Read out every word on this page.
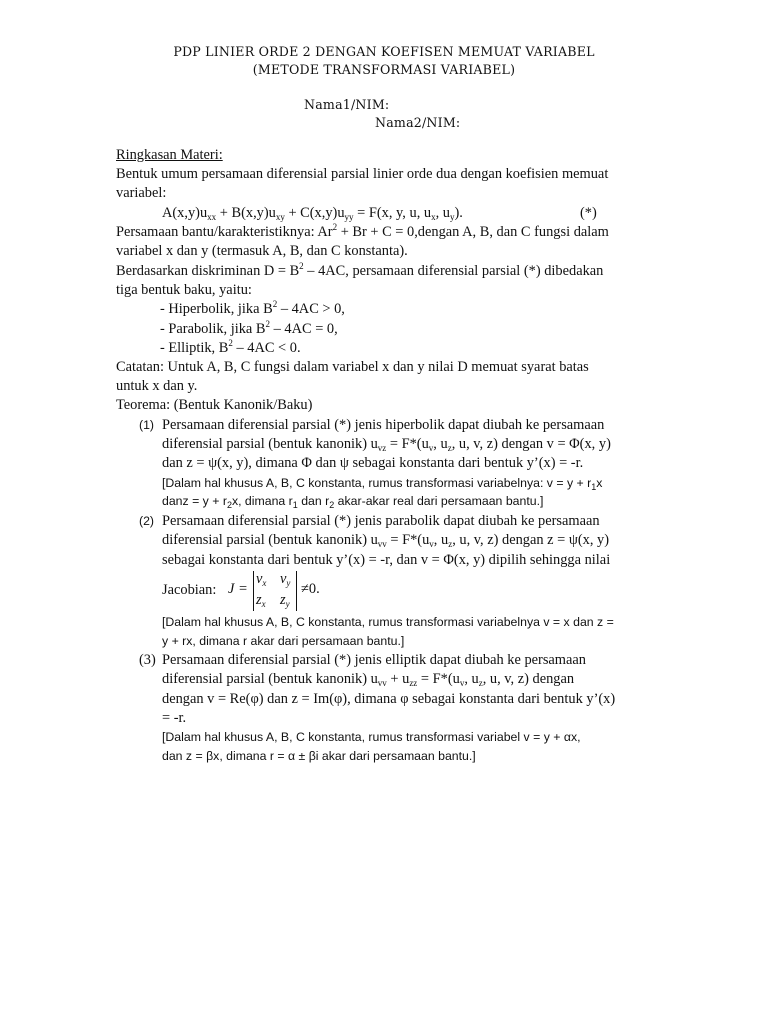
PDP LINIER ORDE 2 DENGAN KOEFISEN MEMUAT VARIABEL
(METODE TRANSFORMASI VARIABEL)
Nama1/NIM:
Nama2/NIM:
Ringkasan Materi:
Bentuk umum persamaan diferensial parsial linier orde dua dengan koefisien memuat
variabel:
$A(x,y)u_{xx} + B(x,y)u_{xy} + C(x,y)u_{yy} = F(x$, y, u, $u_x$, $u_y$).	(*)
Persamaan bantu/karakteristiknya: $Ar^2 + Br + C$ = 0,dengan A, B, dan C fungsi dalam
variabel x dan y (termasuk A, B, dan C konstanta).
Berdasarkan diskriminan $D = B^2 - 4AC$, persamaan diferensial parsial (*) dibedakan
tiga bentuk baku, yaitu:
- Hiperbolik, jika $B^2 - 4AC > 0$,
- Parabolik, jika $B^2 - 4AC = 0$,
- Elliptik, $B^2 - 4AC < 0$.
Catatan: Untuk A, B, C fungsi dalam variabel x dan y nilai D memuat syarat batas
untuk x dan y.
Teorema: (Bentuk Kanonik/Baku)
(1) Persamaan diferensial parsial (*) jenis hiperbolik dapat diubah ke persamaan
diferensial parsial (bentuk kanonik) $u_{vz} = F*(u_v$, $u_z$, u, v, z) dengan v = Φ(x, y)
dan z = ψ(x, y), dimana Φ dan ψ sebagai konstanta dari bentuk y’(x) = -r.
[Dalam hal khusus A, B, C konstanta, rumus transformasi variabelnya: $v = y + r_1x$
danz = $y + r_2x$, dimana $r_1$ dan $r_2$ akar-akar real dari persamaan bantu.]
(2) Persamaan diferensial parsial (*) jenis parabolik dapat diubah ke persamaan
diferensial parsial (bentuk kanonik) $u_{vv} = F*(u_v$, $u_z$, u, v, z) dengan z = ψ(x, y)
sebagai konstanta dari bentuk y’(x) = -r, dan v = Φ(x, y) dipilih sehingga nilai
Jacobian: J =
$v_x$ $v_y$
$z_x$ $z_y$
≠0.
[Dalam hal khusus A, B, C konstanta, rumus transformasi variabelnya v = x dan z =
y + rx, dimana r akar dari persamaan bantu.]
(3) Persamaan diferensial parsial (*) jenis elliptik dapat diubah ke persamaan
diferensial parsial (bentuk kanonik) $u_{vv} + u_{zz} = F*(u_v$, $u_z$, u, v, z) dengan
dengan v = Re(φ) dan z = Im(φ), dimana φ sebagai konstanta dari bentuk y’(x)
= -r.
[Dalam hal khusus A, B, C konstanta, rumus transformasi variabel v = y + αx,
dan z = βx, dimana r = α ± βi akar dari persamaan bantu.]
